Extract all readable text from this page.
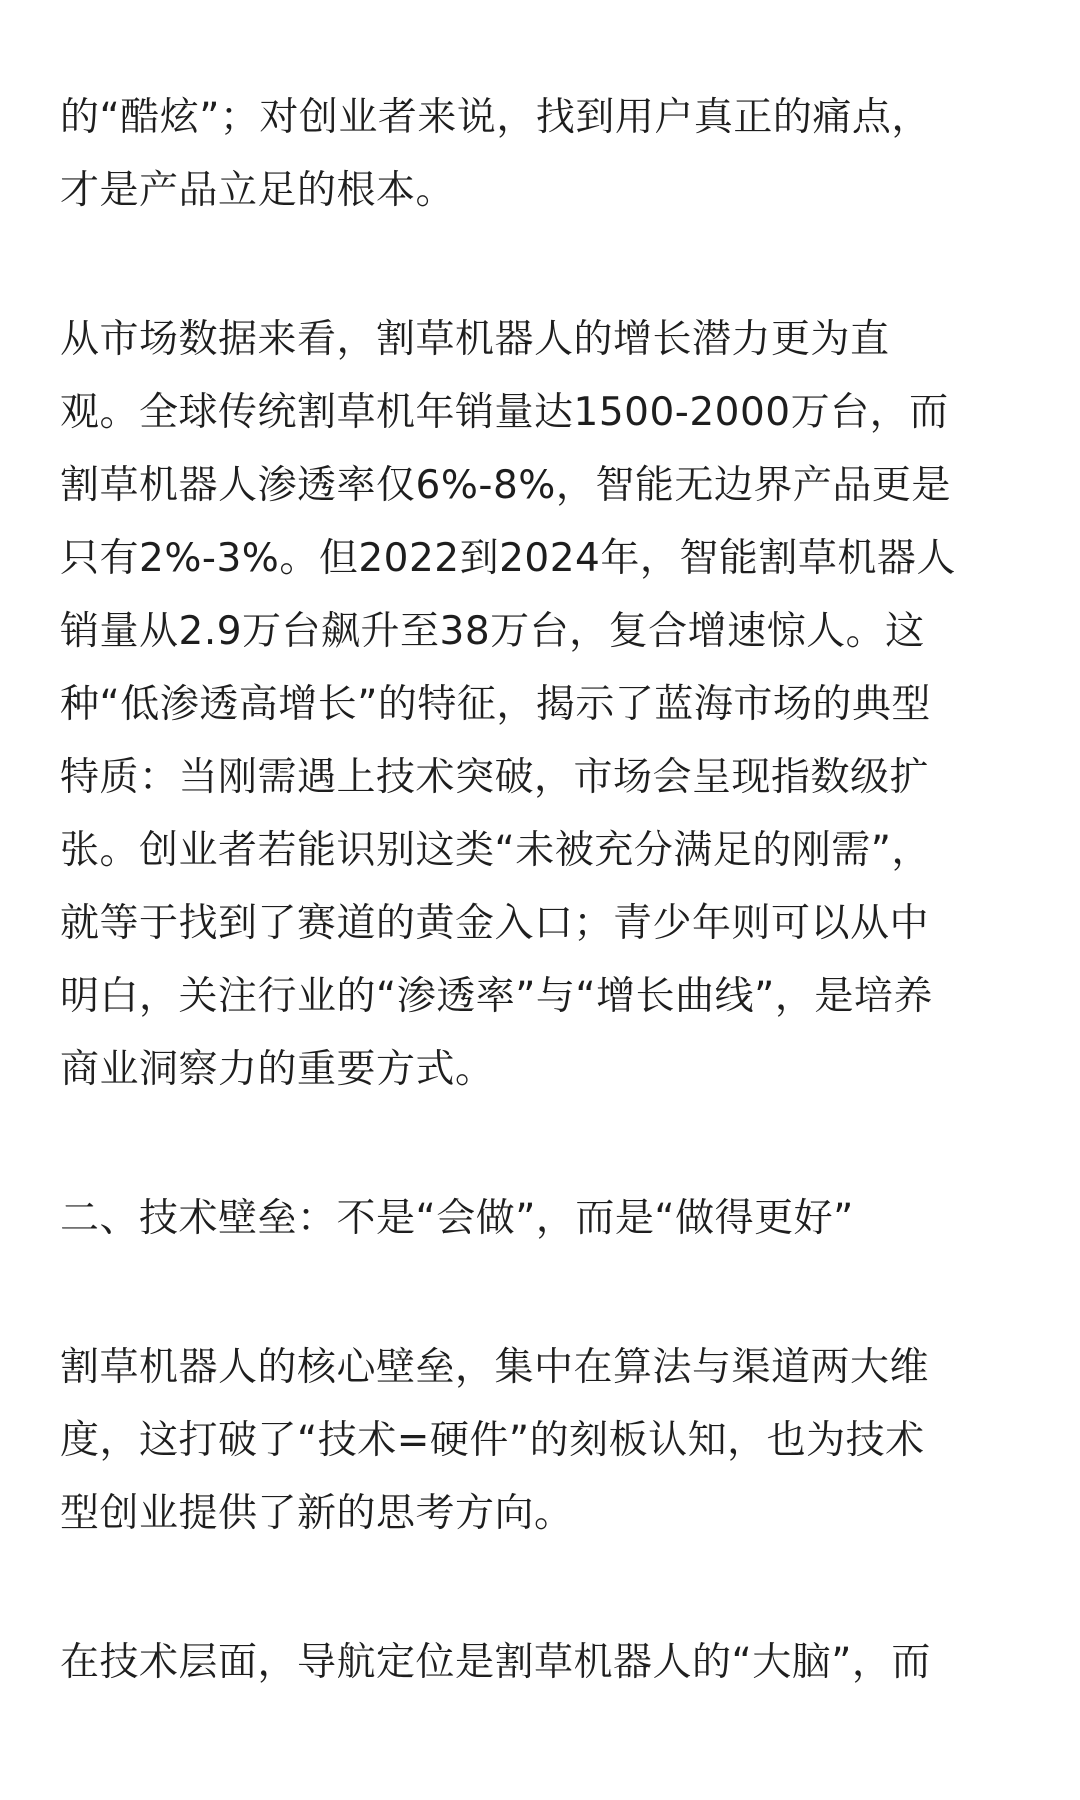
的“酷炫”；对创业者来说，找到用户真正的痛点，
才是产品立足的根本。
从市场数据来看，割草机器人的增长潜力更为直
观。全球传统割草机年销量达1500-2000万台，而
割草机器人渗透率仅6%-8%，智能无边界产品更是
只有2%-3%。但2022到2024年，智能割草机器人
销量从2.9万台飙升至38万台，复合增速惊人。这
种“低渗透高增长”的特征，揭示了蓝海市场的典型
特质：当刚需遇上技术突破，市场会呈现指数级扩
张。创业者若能识别这类“未被充分满足的刚需”，
就等于找到了赛道的黄金入口；青少年则可以从中
明白，关注行业的“渗透率”与“增长曲线”，是培养
商业洞察力的重要方式。
二、技术壁垒：不是“会做”，而是“做得更好”
割草机器人的核心壁垒，集中在算法与渠道两大维
度，这打破了“技术=硬件”的刻板认知，也为技术
型创业提供了新的思考方向。
在技术层面，导航定位是割草机器人的“大脑”，而
